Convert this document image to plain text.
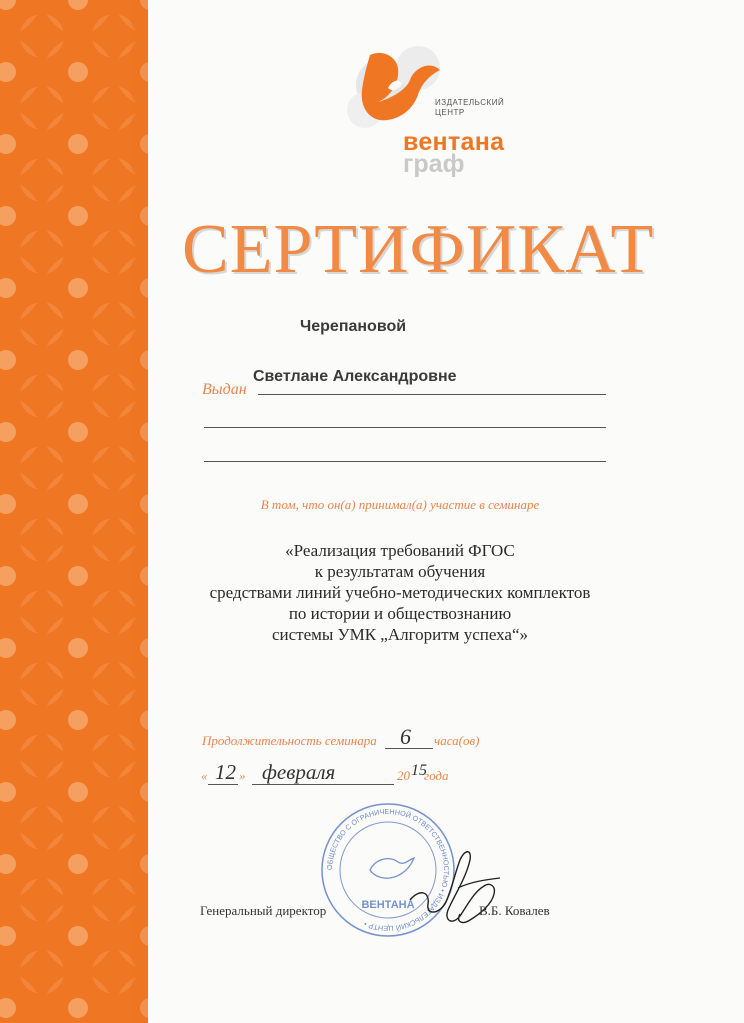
ИЗДАТЕЛЬСКИЙ
ЦЕНТР
вентана
граф
СЕРТИФИКАТ
Черепановой
Светлане Александровне
Выдан
В том, что он(а) принимал(а) участие в семинаре
«Реализация требований ФГОС
к результатам обучения
средствами линий учебно-методических комплектов
по истории и обществознанию
системы УМК „Алгоритм успеха“»
Продолжительность семинара 6 часа(ов)
« 12 » февраля	20 15
года
ОБЩЕСТВО С ОГРАНИЧЕННОЙ ОТВЕТСТВЕННОСТЬЮ • ИЗДАТЕЛЬСКИЙ ЦЕНТР •
ВЕНТАНА
Генеральный директор	В.Б. Ковалев
